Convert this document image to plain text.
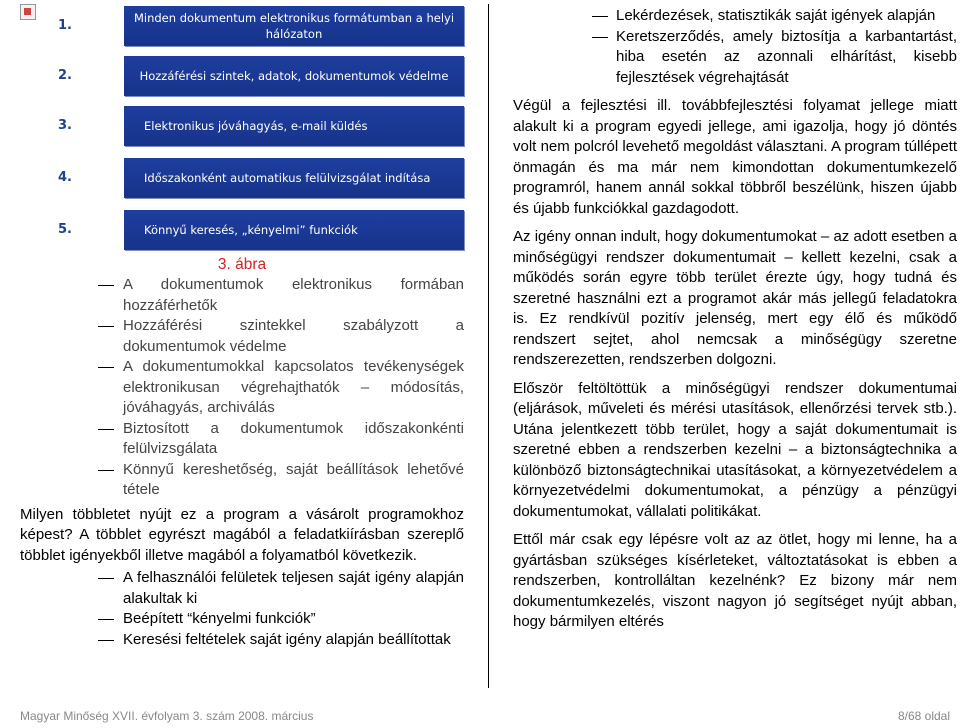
1.	Minden dokumentum elektronikus formátumban a helyi hálózaton
2.	Hozzáférési szintek, adatok, dokumentumok védelme
3.	Elektronikus jóváhagyás, e-mail küldés
4.	Időszakonként automatikus felülvizsgálat indítása
5.	Könnyű keresés, „kényelmi” funkciók
3. ábra
A dokumentumok elektronikus formában hozzáférhetők
Hozzáférési szintekkel szabályzott a dokumentumok védelme
A dokumentumokkal kapcsolatos tevékenységek elektronikusan végrehajthatók – módosítás, jóváhagyás, archiválás
Biztosított a dokumentumok időszakonkénti felülvizsgálata
Könnyű kereshetőség, saját beállítások lehetővé tétele

Milyen többletet nyújt ez a program a vásárolt programokhoz képest? A többlet egyrészt magából a feladatkiírásban szereplő többlet igényekből illetve magából a folyamatból következik.

A felhasználói felületek teljesen saját igény alapján alakultak ki
Beépített “kényelmi funkciók”
Keresési feltételek saját igény alapján beállítottak
Lekérdezések, statisztikák saját igények alapján
Keretszerződés, amely biztosítja a karbantartást, hiba esetén az azonnali elhárítást, kisebb fejlesztések végrehajtását

Végül a fejlesztési ill. továbbfejlesztési folyamat jellege miatt alakult ki a program egyedi jellege, ami igazolja, hogy jó döntés volt nem polcról levehető megoldást választani. A program túllépett önmagán és ma már nem kimondottan dokumentumkezelő programról, hanem annál sokkal többről beszélünk, hiszen újabb és újabb funkciókkal gazdagodott.

Az igény onnan indult, hogy dokumentumokat – az adott esetben a minőségügyi rendszer dokumentumait – kellett kezelni, csak a működés során egyre több terület érezte úgy, hogy tudná és szeretné használni ezt a programot akár más jellegű feladatokra is. Ez rendkívül pozitív jelenség, mert egy élő és működő rendszert sejtet, ahol nemcsak a minőségügy szeretne rendszerezetten, rendszerben dolgozni.

Először feltöltöttük a minőségügyi rendszer dokumentumai (eljárások, műveleti és mérési utasítások, ellenőrzési tervek stb.). Utána jelentkezett több terület, hogy a saját dokumentumait is szeretné ebben a rendszerben kezelni – a biztonságtechnika a különböző biztonságtechnikai utasításokat, a környezetvédelem a környezetvédelmi dokumentumokat, a pénzügy a pénzügyi dokumentumokat, vállalati politikákat.

Ettől már csak egy lépésre volt az az ötlet, hogy mi lenne, ha a gyártásban szükséges kísérleteket, változtatásokat is ebben a rendszerben, kontrolláltan kezelnénk? Ez bizony már nem dokumentumkezelés, viszont nagyon jó segítséget nyújt abban, hogy bármilyen eltérés

Magyar Minőség XVII. évfolyam 3. szám 2008. március	8/68 oldal
